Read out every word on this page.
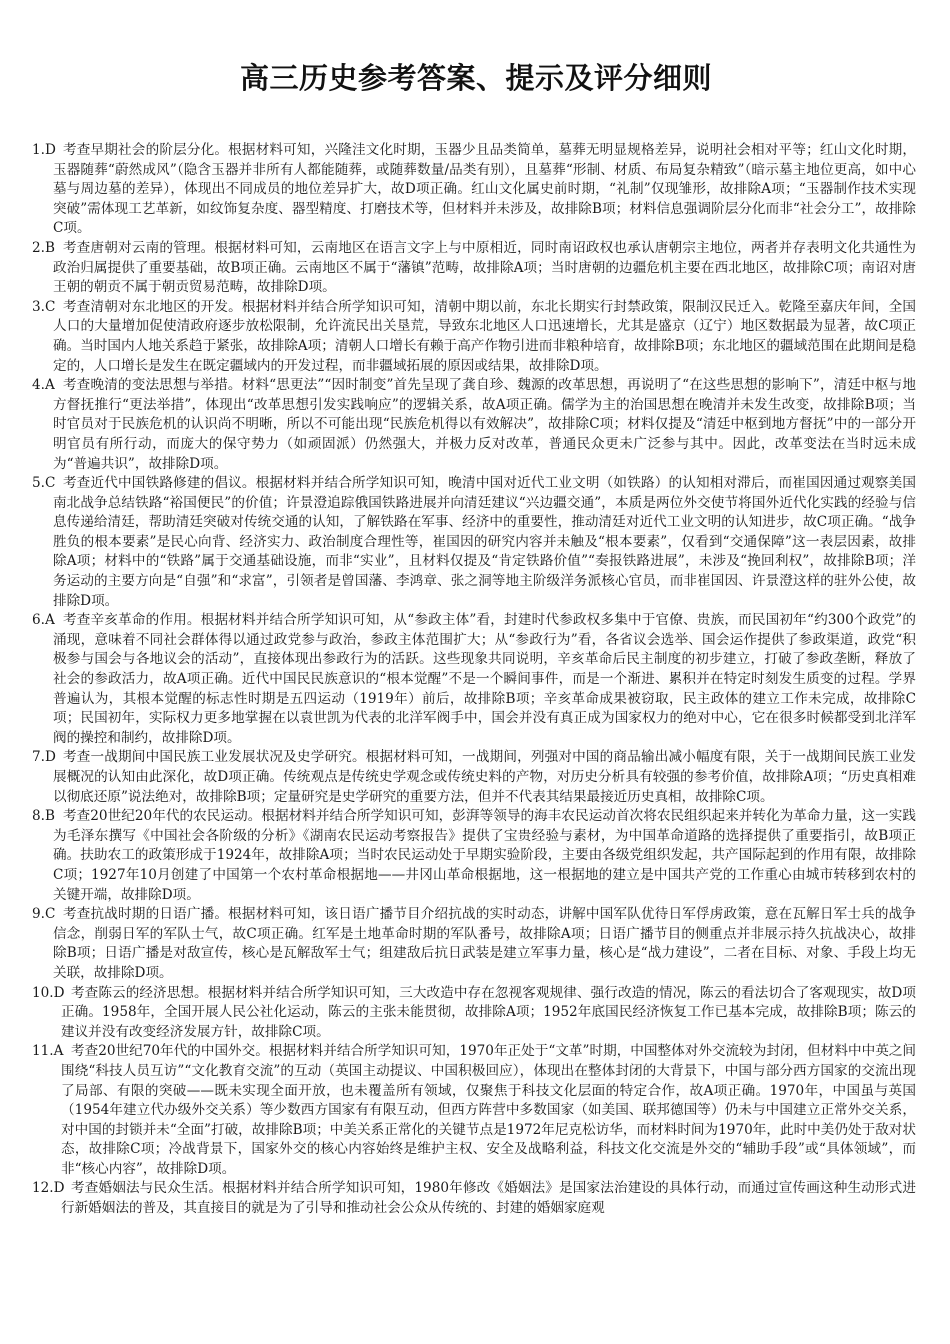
高三历史参考答案、提示及评分细则
1.D 考查早期社会的阶层分化。根据材料可知，兴隆洼文化时期，玉器少且品类简单，墓葬无明显规格差异，说明社会相对平等；红山文化时期，玉器随葬“蔚然成风”（隐含玉器并非所有人都能随葬，或随葬数量/品类有别），且墓葬“形制、材质、布局复杂精致”（暗示墓主地位更高，如中心墓与周边墓的差异），体现出不同成员的地位差异扩大，故D项正确。红山文化属史前时期，“礼制”仅现雏形，故排除A项；“玉器制作技术实现突破”需体现工艺革新，如纹饰复杂度、器型精度、打磨技术等，但材料并未涉及，故排除B项；材料信息强调阶层分化而非“社会分工”，故排除C项。
2.B 考查唐朝对云南的管理。根据材料可知，云南地区在语言文字上与中原相近，同时南诏政权也承认唐朝宗主地位，两者并存表明文化共通性为政治归属提供了重要基础，故B项正确。云南地区不属于“藩镇”范畴，故排除A项；当时唐朝的边疆危机主要在西北地区，故排除C项；南诏对唐王朝的朝贡不属于朝贡贸易范畴，故排除D项。
3.C 考查清朝对东北地区的开发。根据材料并结合所学知识可知，清朝中期以前，东北长期实行封禁政策，限制汉民迁入。乾隆至嘉庆年间，全国人口的大量增加促使清政府逐步放松限制，允许流民出关垦荒，导致东北地区人口迅速增长，尤其是盛京（辽宁）地区数据最为显著，故C项正确。当时国内人地关系趋于紧张，故排除A项；清朝人口增长有赖于高产作物引进而非粮种培育，故排除B项；东北地区的疆域范围在此期间是稳定的，人口增长是发生在既定疆域内的开发过程，而非疆域拓展的原因或结果，故排除D项。
4.A 考查晚清的变法思想与举措。材料“思更法”“因时制变”首先呈现了龚自珍、魏源的改革思想，再说明了“在这些思想的影响下”，清廷中枢与地方督抚推行“更法举措”，体现出“改革思想引发实践响应”的逻辑关系，故A项正确。儒学为主的治国思想在晚清并未发生改变，故排除B项；当时官员对于民族危机的认识尚不明晰，所以不可能出现“民族危机得以有效解决”，故排除C项；材料仅提及“清廷中枢到地方督抚”中的一部分开明官员有所行动，而庞大的保守势力（如顽固派）仍然强大，并极力反对改革，普通民众更未广泛参与其中。因此，改革变法在当时远未成为“普遍共识”，故排除D项。
5.C 考查近代中国铁路修建的倡议。根据材料并结合所学知识可知，晚清中国对近代工业文明（如铁路）的认知相对滞后，而崔国因通过观察美国南北战争总结铁路“裕国便民”的价值；许景澄追踪俄国铁路进展并向清廷建议“兴边疆交通”，本质是两位外交使节将国外近代化实践的经验与信息传递给清廷，帮助清廷突破对传统交通的认知，了解铁路在军事、经济中的重要性，推动清廷对近代工业文明的认知进步，故C项正确。“战争胜负的根本要素”是民心向背、经济实力、政治制度合理性等，崔国因的研究内容并未触及“根本要素”，仅看到“交通保障”这一表层因素，故排除A项；材料中的“铁路”属于交通基础设施，而非“实业”，且材料仅提及“肯定铁路价值”“奏报铁路进展”，未涉及“挽回利权”，故排除B项；洋务运动的主要方向是“自强”和“求富”，引领者是曾国藩、李鸿章、张之洞等地主阶级洋务派核心官员，而非崔国因、许景澄这样的驻外公使，故排除D项。
6.A 考查辛亥革命的作用。根据材料并结合所学知识可知，从“参政主体”看，封建时代参政权多集中于官僚、贵族，而民国初年“约300个政党”的涌现，意味着不同社会群体得以通过政党参与政治，参政主体范围扩大；从“参政行为”看，各省议会选举、国会运作提供了参政渠道，政党“积极参与国会与各地议会的活动”，直接体现出参政行为的活跃。这些现象共同说明，辛亥革命后民主制度的初步建立，打破了参政垄断，释放了社会的参政活力，故A项正确。近代中国民民族意识的“根本觉醒”不是一个瞬间事件，而是一个渐进、累积并在特定时刻发生质变的过程。学界普遍认为，其根本觉醒的标志性时期是五四运动（1919年）前后，故排除B项；辛亥革命成果被窃取，民主政体的建立工作未完成，故排除C项；民国初年，实际权力更多地掌握在以袁世凯为代表的北洋军阀手中，国会并没有真正成为国家权力的绝对中心，它在很多时候都受到北洋军阀的操控和制约，故排除D项。
7.D 考查一战期间中国民族工业发展状况及史学研究。根据材料可知，一战期间，列强对中国的商品输出减小幅度有限，关于一战期间民族工业发展概况的认知由此深化，故D项正确。传统观点是传统史学观念或传统史料的产物，对历史分析具有较强的参考价值，故排除A项；“历史真相难以彻底还原”说法绝对，故排除B项；定量研究是史学研究的重要方法，但并不代表其结果最接近历史真相，故排除C项。
8.B 考查20世纪20年代的农民运动。根据材料并结合所学知识可知，彭湃等领导的海丰农民运动首次将农民组织起来并转化为革命力量，这一实践为毛泽东撰写《中国社会各阶级的分析》《湖南农民运动考察报告》提供了宝贵经验与素材，为中国革命道路的选择提供了重要指引，故B项正确。扶助农工的政策形成于1924年，故排除A项；当时农民运动处于早期实验阶段，主要由各级党组织发起，共产国际起到的作用有限，故排除C项；1927年10月创建了中国第一个农村革命根据地——井冈山革命根据地，这一根据地的建立是中国共产党的工作重心由城市转移到农村的关键开端，故排除D项。
9.C 考查抗战时期的日语广播。根据材料可知，该日语广播节目介绍抗战的实时动态，讲解中国军队优待日军俘虏政策，意在瓦解日军士兵的战争信念，削弱日军的军队士气，故C项正确。红军是土地革命时期的军队番号，故排除A项；日语广播节目的侧重点并非展示持久抗战决心，故排除B项；日语广播是对敌宣传，核心是瓦解敌军士气；组建敌后抗日武装是建立军事力量，核心是“战力建设”，二者在目标、对象、手段上均无关联，故排除D项。
10.D 考查陈云的经济思想。根据材料并结合所学知识可知，三大改造中存在忽视客观规律、强行改造的情况，陈云的看法切合了客观现实，故D项正确。1958年，全国开展人民公社化运动，陈云的主张未能贯彻，故排除A项；1952年底国民经济恢复工作已基本完成，故排除B项；陈云的建议并没有改变经济发展方针，故排除C项。
11.A 考查20世纪70年代的中国外交。根据材料并结合所学知识可知，1970年正处于“文革”时期，中国整体对外交流较为封闭，但材料中中英之间围绕“科技人员互访”“文化教育交流”的互动（英国主动提议、中国积极回应），体现出在整体封闭的大背景下，中国与部分西方国家的交流出现了局部、有限的突破——既未实现全面开放，也未覆盖所有领域，仅聚焦于科技文化层面的特定合作，故A项正确。1970年，中国虽与英国（1954年建立代办级外交关系）等少数西方国家有有限互动，但西方阵营中多数国家（如美国、联邦德国等）仍未与中国建立正常外交关系，对中国的封锁并未“全面”打破，故排除B项；中美关系正常化的关键节点是1972年尼克松访华，而材料时间为1970年，此时中美仍处于敌对状态，故排除C项；冷战背景下，国家外交的核心内容始终是维护主权、安全及战略利益，科技文化交流是外交的“辅助手段”或“具体领域”，而非“核心内容”，故排除D项。
12.D 考查婚姻法与民众生活。根据材料并结合所学知识可知，1980年修改《婚姻法》是国家法治建设的具体行动，而通过宣传画这种生动形式进行新婚姻法的普及，其直接目的就是为了引导和推动社会公众从传统的、封建的婚姻家庭观
